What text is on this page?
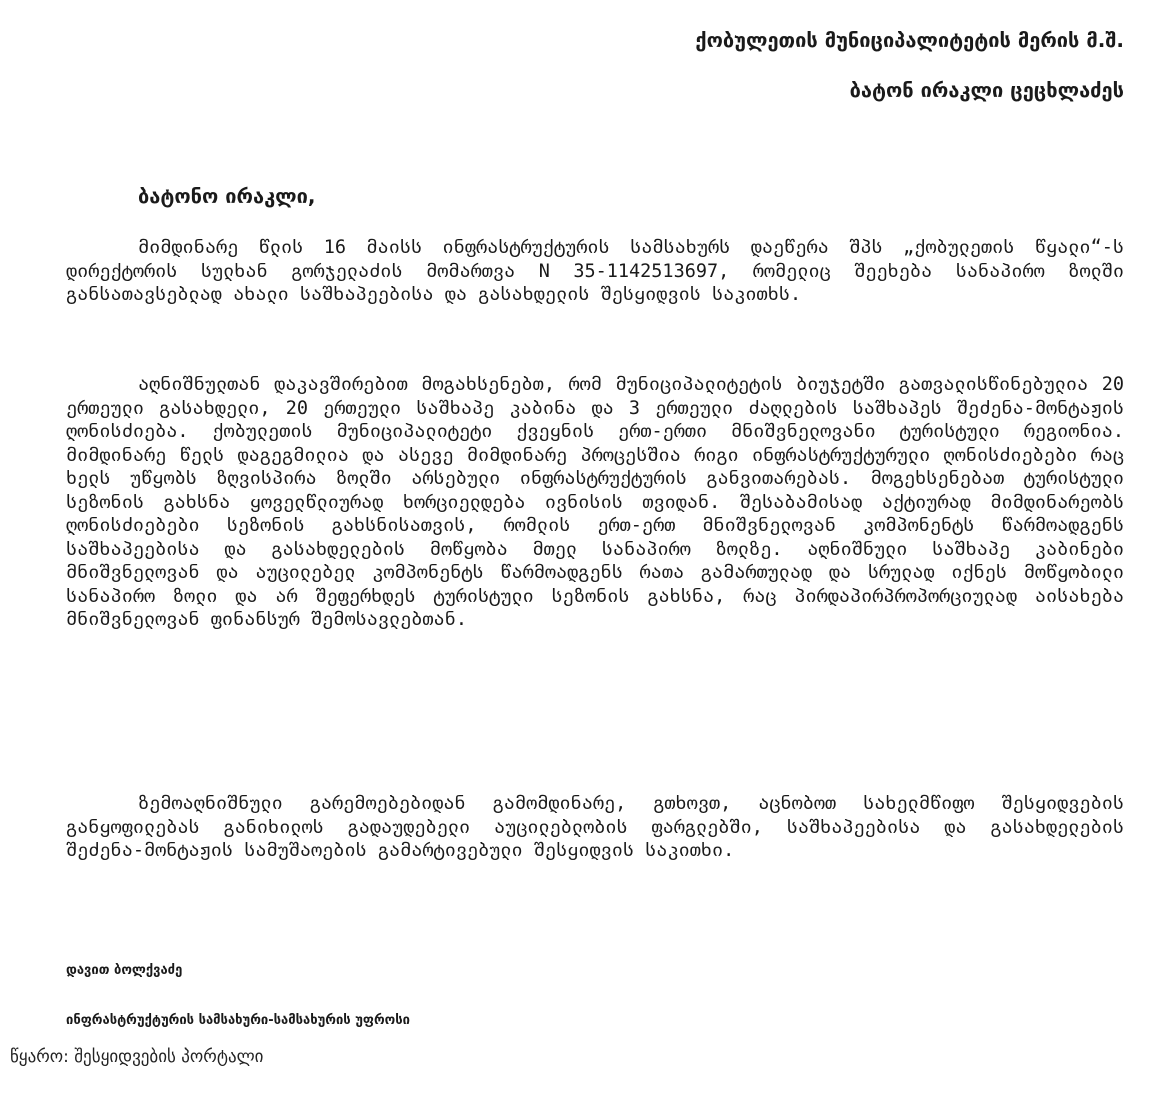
ქობულეთის მუნიციპალიტეტის მერის მ.შ.
ბატონ ირაკლი ცეცხლაძეს
ბატონო ირაკლი,

მიმდინარე წლის 16 მაისს ინფრასტრუქტურის სამსახურს დაეწერა შპს „ქობულეთის წყალი“-ს დირექტორის სულხან გორჯელაძის მომართვა N 35-1142513697, რომელიც შეეხება სანაპირო ზოლში განსათავსებლად ახალი საშხაპეებისა და გასახდელის შესყიდვის საკითხს.

აღნიშნულთან დაკავშირებით მოგახსენებთ, რომ მუნიციპალიტეტის ბიუჯეტში გათვალისწინებულია 20 ერთეული გასახდელი, 20 ერთეული საშხაპე კაბინა და 3 ერთეული ძაღლების საშხაპეს შეძენა-მონტაჟის ღონისძიება. ქობულეთის მუნიციპალიტეტი ქვეყნის ერთ-ერთი მნიშვნელოვანი ტურისტული რეგიონია. მიმდინარე წელს დაგეგმილია და ასევე მიმდინარე პროცესშია რიგი ინფრასტრუქტურული ღონისძიებები რაც ხელს უწყობს ზღვისპირა ზოლში არსებული ინფრასტრუქტურის განვითარებას. მოგეხსენებათ ტურისტული სეზონის გახსნა ყოველწლიურად ხორციელდება ივნისის თვიდან. შესაბამისად აქტიურად მიმდინარეობს ღონისძიებები სეზონის გახსნისათვის, რომლის ერთ-ერთ მნიშვნელოვან კომპონენტს წარმოადგენს საშხაპეებისა და გასახდელების მოწყობა მთელ სანაპირო ზოლზე. აღნიშნული საშხაპე კაბინები მნიშვნელოვან და აუცილებელ კომპონენტს წარმოადგენს რათა გამართულად და სრულად იქნეს მოწყობილი სანაპირო ზოლი და არ შეფერხდეს ტურისტული სეზონის გახსნა, რაც პირდაპირპროპორციულად აისახება მნიშვნელოვან ფინანსურ შემოსავლებთან.

ზემოაღნიშნული გარემოებებიდან გამომდინარე, გთხოვთ, აცნობოთ სახელმწიფო შესყიდვების განყოფილებას განიხილოს გადაუდებელი აუცილებლობის ფარგლებში, საშხაპეებისა და გასახდელების შეძენა-მონტაჟის სამუშაოების გამარტივებული შესყიდვის საკითხი.

დავით ბოლქვაძე
ინფრასტრუქტურის სამსახური-სამსახურის უფროსი
წყარო: შესყიდვების პორტალი
